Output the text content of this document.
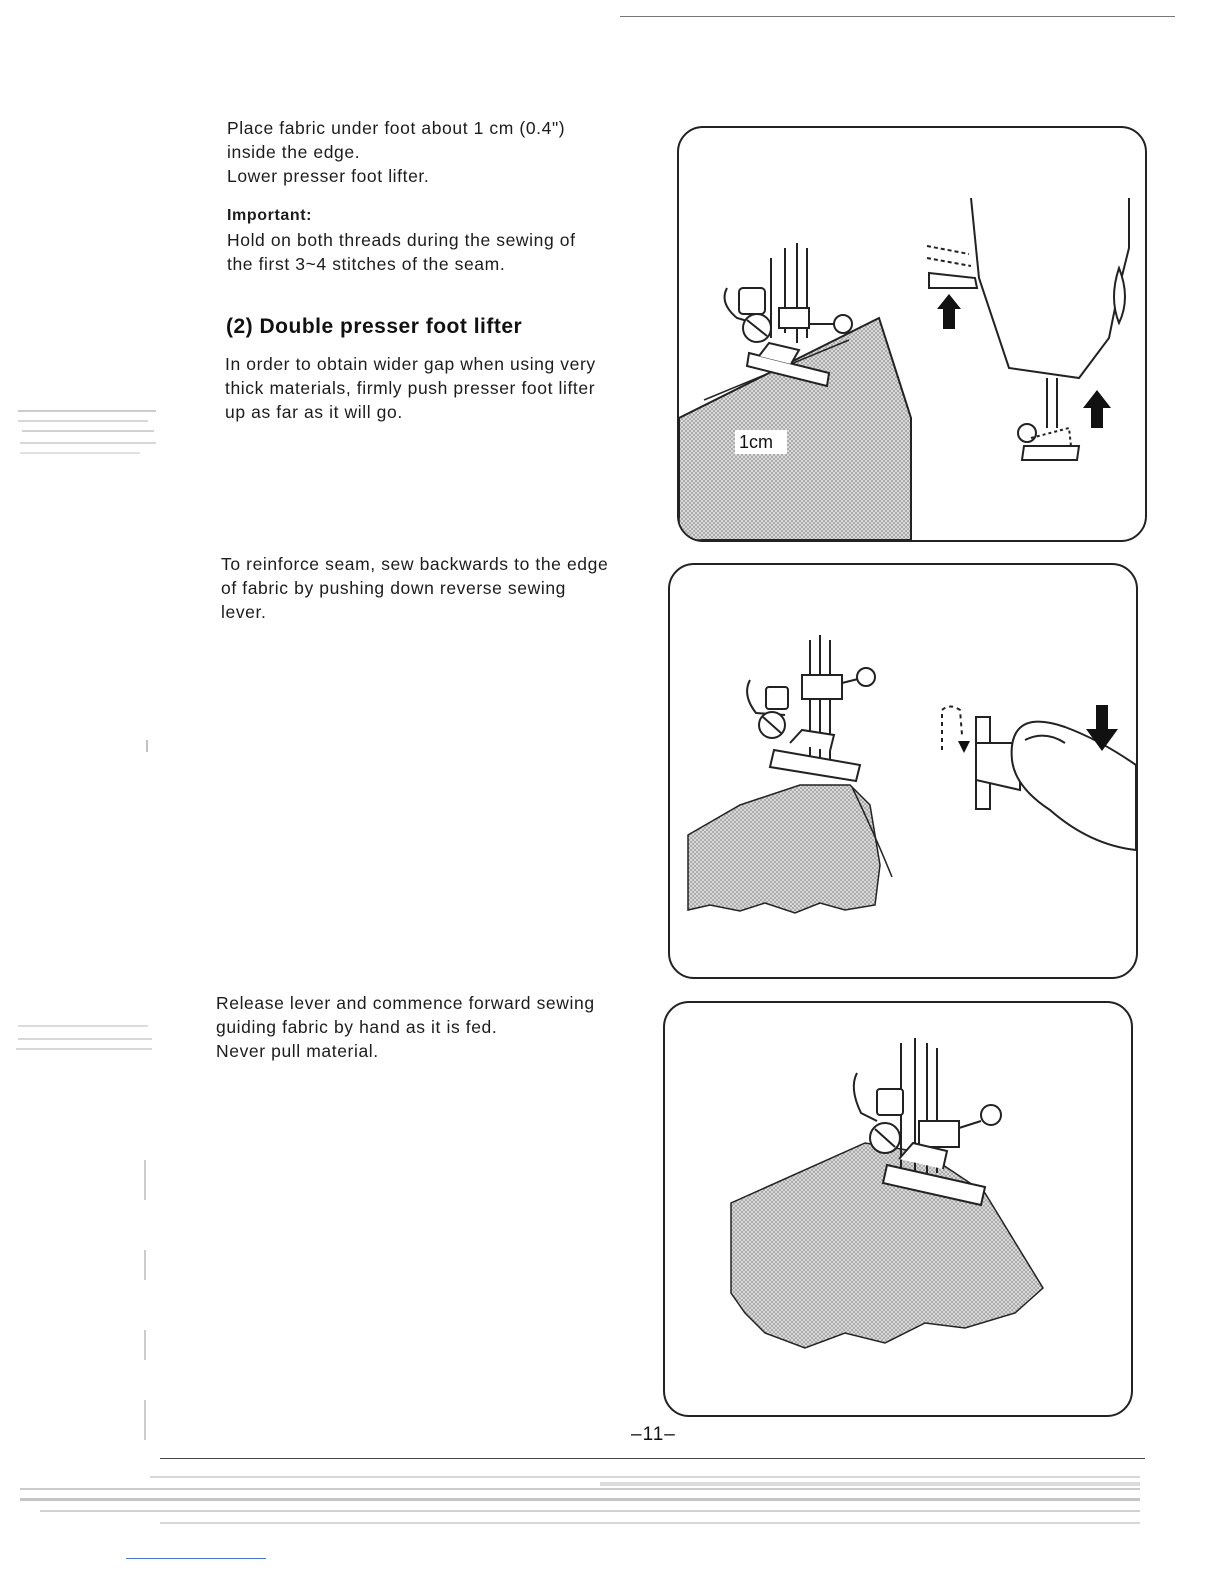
Place fabric under foot about 1 cm (0.4")

inside the edge.

Lower presser foot lifter.

Important:

Hold on both threads during the sewing of

the first 3~4 stitches of the seam.

(2) Double presser foot lifter

In order to obtain wider gap when using very

thick materials, firmly push presser foot lifter

up as far as it will go.

To reinforce seam, sew backwards to the edge

of fabric by pushing down reverse sewing

lever.

Release lever and commence forward sewing

guiding fabric by hand as it is fed.

Never pull material.

1cm
–11–
